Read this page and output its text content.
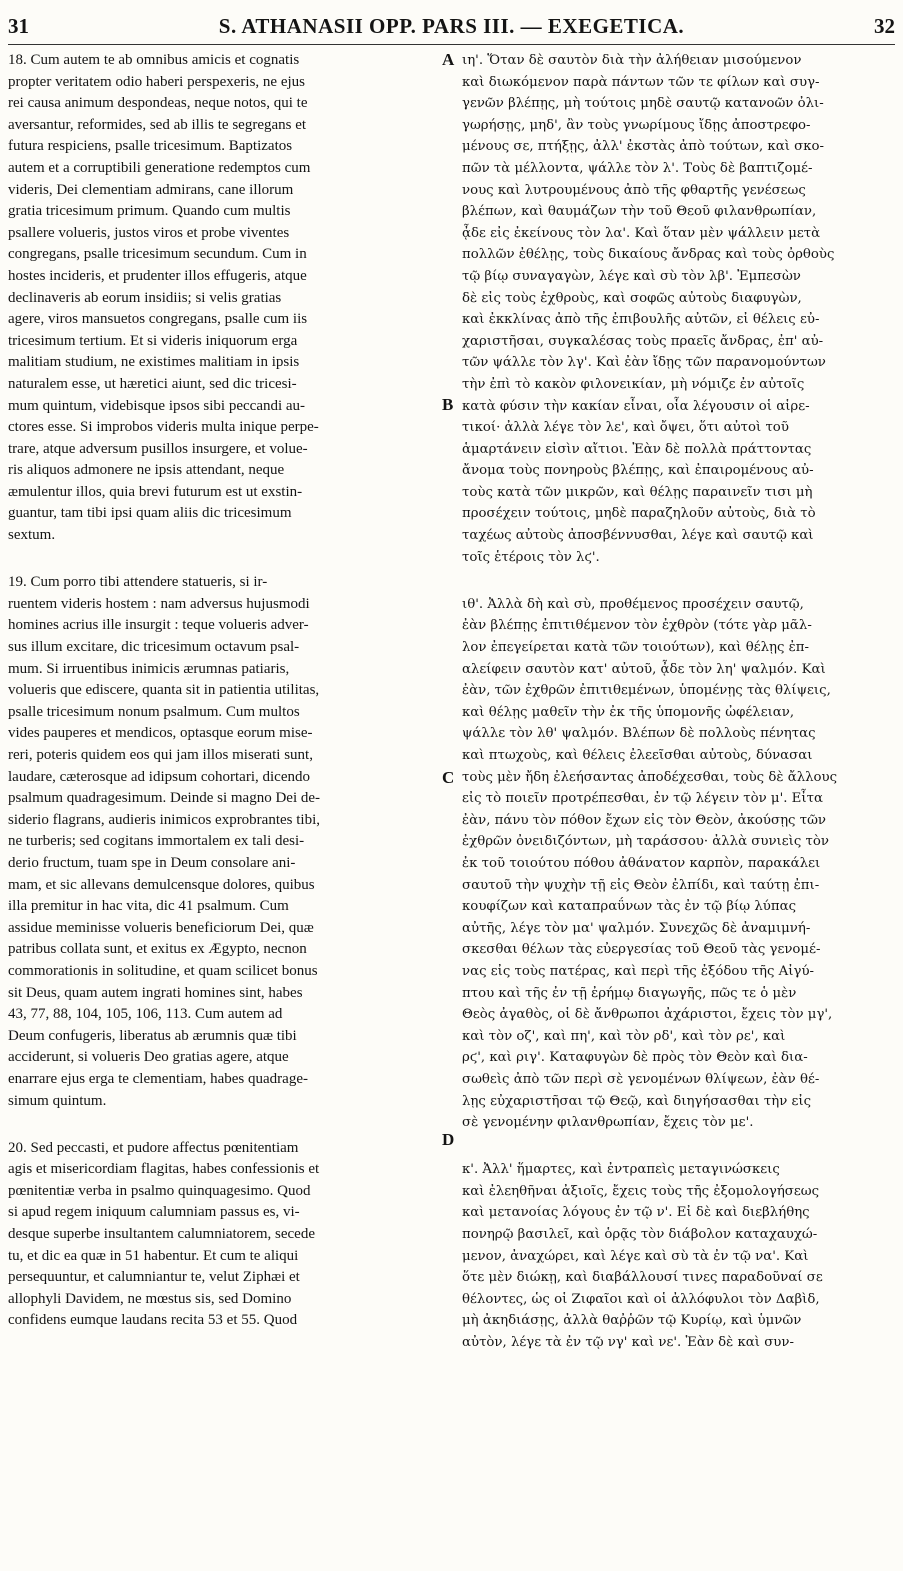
31	S. ATHANASII OPP. PARS III. — EXEGETICA.	32
18. Cum autem te ab omnibus amicis et cognatis
propter veritatem odio haberi perspexeris, ne ejus
rei causa animum despondeas, neque notos, qui te
aversantur, reformides, sed ab illis te segregans et
futura respiciens, psalle tricesimum. Baptizatos
autem et a corruptibili generatione redemptos cum
videris, Dei clementiam admirans, cane illorum
gratia tricesimum primum. Quando cum multis
psallere volueris, justos viros et probe viventes
congregans, psalle tricesimum secundum. Cum in
hostes incideris, et prudenter illos effugeris, atque
declinaveris ab eorum insidiis; si velis gratias
agere, viros mansuetos congregans, psalle cum iis
tricesimum tertium. Et si videris iniquorum erga
malitiam studium, ne existimes malitiam in ipsis
naturalem esse, ut hæretici aiunt, sed dic tricesi-
mum quintum, videbisque ipsos sibi peccandi au-
ctores esse. Si improbos videris multa inique perpe-
trare, atque adversum pusillos insurgere, et volue-
ris aliquos admonere ne ipsis attendant, neque
æmulentur illos, quia brevi futurum est ut exstin-
guantur, tam tibi ipsi quam aliis dic tricesimum
sextum.
19. Cum porro tibi attendere statueris, si ir-
ruentem videris hostem : nam adversus hujusmodi
homines acrius ille insurgit : teque volueris adver-
sus illum excitare, dic tricesimum octavum psal-
mum. Si irruentibus inimicis ærumnas patiaris,
volueris que ediscere, quanta sit in patientia utilitas,
psalle tricesimum nonum psalmum. Cum multos
vides pauperes et mendicos, optasque eorum mise-
reri, poteris quidem eos qui jam illos miserati sunt,
laudare, cæterosque ad idipsum cohortari, dicendo
psalmum quadragesimum. Deinde si magno Dei de-
siderio flagrans, audieris inimicos exprobrantes tibi,
ne turberis; sed cogitans immortalem ex tali desi-
derio fructum, tuam spe in Deum consolare ani-
mam, et sic allevans demulcensque dolores, quibus
illa premitur in hac vita, dic 41 psalmum. Cum
assidue meminisse volueris beneficiorum Dei, quæ
patribus collata sunt, et exitus ex Ægypto, necnon
commorationis in solitudine, et quam scilicet bonus
sit Deus, quam autem ingrati homines sint, habes
43, 77, 88, 104, 105, 106, 113. Cum autem ad
Deum confugeris, liberatus ab ærumnis quæ tibi
acciderunt, si volueris Deo gratias agere, atque
enarrare ejus erga te clementiam, habes quadrage-
simum quintum.
20. Sed peccasti, et pudore affectus pœnitentiam
agis et misericordiam flagitas, habes confessionis et
pœnitentiæ verba in psalmo quinquagesimo. Quod
si apud regem iniquum calumniam passus es, vi-
desque superbe insultantem calumniatorem, secede
tu, et dic ea quæ in 51 habentur. Et cum te aliqui
persequuntur, et calumniantur te, velut Ziphæi et
allophyli Davidem, ne mœstus sis, sed Domino
confidens eumque laudans recita 53 et 55. Quod
A
B
C
D
ιη'. Ὅταν δὲ σαυτὸν διὰ τὴν ἀλήθειαν μισούμενον
καὶ διωκόμενον παρὰ πάντων τῶν τε φίλων καὶ συγ-
γενῶν βλέπῃς, μὴ τούτοις μηδὲ σαυτῷ κατανοῶν ὀλι-
γωρήσῃς, μηδ', ἂν τοὺς γνωρίμους ἴδῃς ἀποστρεφο-
μένους σε, πτήξῃς, ἀλλ' ἐκστὰς ἀπὸ τούτων, καὶ σκο-
πῶν τὰ μέλλοντα, ψάλλε τὸν λ'. Τοὺς δὲ βαπτιζομέ-
νους καὶ λυτρουμένους ἀπὸ τῆς φθαρτῆς γενέσεως
βλέπων, καὶ θαυμάζων τὴν τοῦ Θεοῦ φιλανθρωπίαν,
ᾆδε εἰς ἐκείνους τὸν λα'. Καὶ ὅταν μὲν ψάλλειν μετὰ
πολλῶν ἐθέλῃς, τοὺς δικαίους ἄνδρας καὶ τοὺς ὀρθοὺς
τῷ βίῳ συναγαγὼν, λέγε καὶ σὺ τὸν λβ'. Ἐμπεσὼν
δὲ εἰς τοὺς ἐχθροὺς, καὶ σοφῶς αὐτοὺς διαφυγὼν,
καὶ ἐκκλίνας ἀπὸ τῆς ἐπιβουλῆς αὐτῶν, εἰ θέλεις εὐ-
χαριστῆσαι, συγκαλέσας τοὺς πραεῖς ἄνδρας, ἐπ' αὐ-
τῶν ψάλλε τὸν λγ'. Καὶ ἐὰν ἴδῃς τῶν παρανομούντων
τὴν ἐπὶ τὸ κακὸν φιλονεικίαν, μὴ νόμιζε ἐν αὐτοῖς
κατὰ φύσιν τὴν κακίαν εἶναι, οἷα λέγουσιν οἱ αἱρε-
τικοί· ἀλλὰ λέγε τὸν λε', καὶ ὄψει, ὅτι αὐτοὶ τοῦ
ἁμαρτάνειν εἰσὶν αἴτιοι. Ἐὰν δὲ πολλὰ πράττοντας
ἄνομα τοὺς πονηροὺς βλέπῃς, καὶ ἐπαιρομένους αὐ-
τοὺς κατὰ τῶν μικρῶν, καὶ θέλῃς παραινεῖν τισι μὴ
προσέχειν τούτοις, μηδὲ παραζηλοῦν αὐτοὺς, διὰ τὸ
ταχέως αὐτοὺς ἀποσβέννυσθαι, λέγε καὶ σαυτῷ καὶ
τοῖς ἑτέροις τὸν λϛ'.
ιθ'. Ἀλλὰ δὴ καὶ σὺ, προθέμενος προσέχειν σαυτῷ,
ἐὰν βλέπῃς ἐπιτιθέμενον τὸν ἐχθρὸν (τότε γὰρ μᾶλ-
λον ἐπεγείρεται κατὰ τῶν τοιούτων), καὶ θέλῃς ἐπ-
αλείφειν σαυτὸν κατ' αὐτοῦ, ᾆδε τὸν λη' ψαλμόν. Καὶ
ἐὰν, τῶν ἐχθρῶν ἐπιτιθεμένων, ὑπομένῃς τὰς θλίψεις,
καὶ θέλῃς μαθεῖν τὴν ἐκ τῆς ὑπομονῆς ὠφέλειαν,
ψάλλε τὸν λθ' ψαλμόν. Βλέπων δὲ πολλοὺς πένητας
καὶ πτωχοὺς, καὶ θέλεις ἐλεεῖσθαι αὐτοὺς, δύνασαι
τοὺς μὲν ἤδη ἐλεήσαντας ἀποδέχεσθαι, τοὺς δὲ ἄλλους
εἰς τὸ ποιεῖν προτρέπεσθαι, ἐν τῷ λέγειν τὸν μ'. Εἶτα
ἐὰν, πάνυ τὸν πόθον ἔχων εἰς τὸν Θεὸν, ἀκούσῃς τῶν
ἐχθρῶν ὀνειδιζόντων, μὴ ταράσσου· ἀλλὰ συνιεὶς τὸν
ἐκ τοῦ τοιούτου πόθου ἀθάνατον καρπὸν, παρακάλει
σαυτοῦ τὴν ψυχὴν τῇ εἰς Θεὸν ἐλπίδι, καὶ ταύτῃ ἐπι-
κουφίζων καὶ καταπραΰνων τὰς ἐν τῷ βίῳ λύπας
αὐτῆς, λέγε τὸν μα' ψαλμόν. Συνεχῶς δὲ ἀναμιμνή-
σκεσθαι θέλων τὰς εὐεργεσίας τοῦ Θεοῦ τὰς γενομέ-
νας εἰς τοὺς πατέρας, καὶ περὶ τῆς ἐξόδου τῆς Αἰγύ-
πτου καὶ τῆς ἐν τῇ ἐρήμῳ διαγωγῆς, πῶς τε ὁ μὲν
Θεὸς ἀγαθὸς, οἱ δὲ ἄνθρωποι ἀχάριστοι, ἔχεις τὸν μγ',
καὶ τὸν οζ', καὶ πη', καὶ τὸν ρδ', καὶ τὸν ρε', καὶ
ρϛ', καὶ ριγ'. Καταφυγὼν δὲ πρὸς τὸν Θεὸν καὶ δια-
σωθεὶς ἀπὸ τῶν περὶ σὲ γενομένων θλίψεων, ἐὰν θέ-
λῃς εὐχαριστῆσαι τῷ Θεῷ, καὶ διηγήσασθαι τὴν εἰς
σὲ γενομένην φιλανθρωπίαν, ἔχεις τὸν με'.
κ'. Ἀλλ' ἥμαρτες, καὶ ἐντραπεὶς μεταγινώσκεις
καὶ ἐλεηθῆναι ἀξιοῖς, ἔχεις τοὺς τῆς ἐξομολογήσεως
καὶ μετανοίας λόγους ἐν τῷ ν'. Εἰ δὲ καὶ διεβλήθης
πονηρῷ βασιλεῖ, καὶ ὁρᾷς τὸν διάβολον καταχαυχώ-
μενον, ἀναχώρει, καὶ λέγε καὶ σὺ τὰ ἐν τῷ να'. Καὶ
ὅτε μὲν διώκῃ, καὶ διαβάλλουσί τινες παραδοῦναί σε
θέλοντες, ὡς οἱ Ζιφαῖοι καὶ οἱ ἀλλόφυλοι τὸν Δαβὶδ,
μὴ ἀκηδιάσῃς, ἀλλὰ θαῤῥῶν τῷ Κυρίῳ, καὶ ὑμνῶν
αὐτὸν, λέγε τὰ ἐν τῷ νγ' καὶ νε'. Ἐὰν δὲ καὶ συν-
